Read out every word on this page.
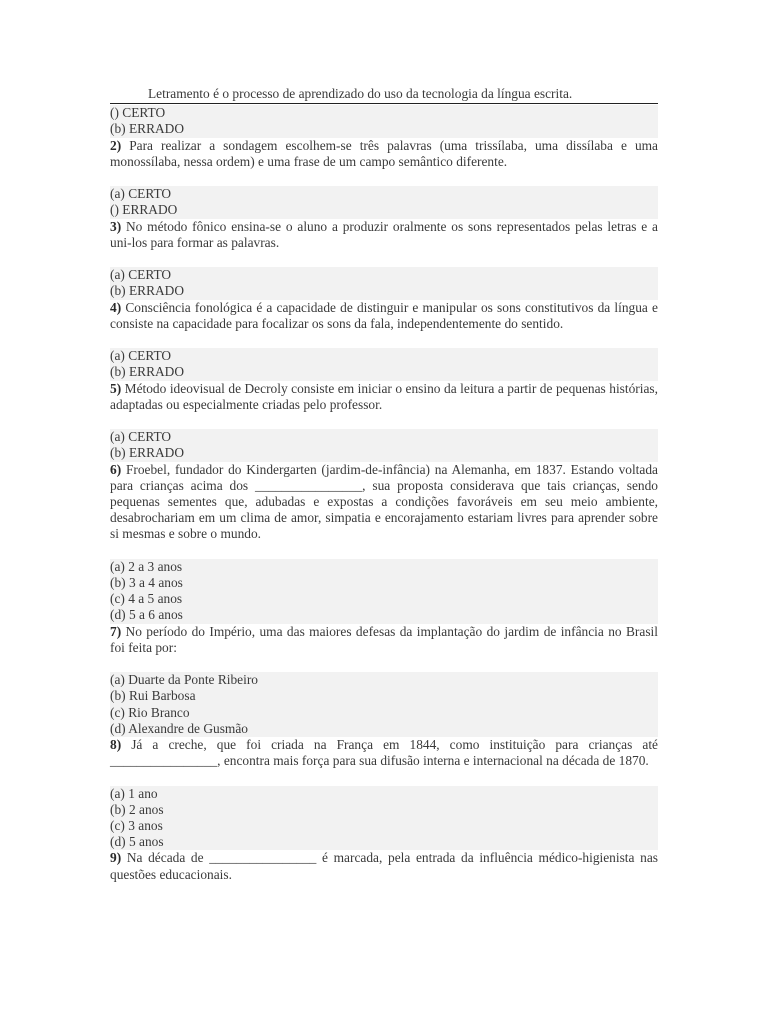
Letramento é o processo de aprendizado do uso da tecnologia da língua escrita.
() CERTO
(b) ERRADO
2) Para realizar a sondagem escolhem-se três palavras (uma trissílaba, uma dissílaba e uma monossílaba, nessa ordem) e uma frase de um campo semântico diferente.
(a) CERTO
() ERRADO
3) No método fônico ensina-se o aluno a produzir oralmente os sons representados pelas letras e a uni-los para formar as palavras.
(a) CERTO
(b) ERRADO
4) Consciência fonológica é a capacidade de distinguir e manipular os sons constitutivos da língua e consiste na capacidade para focalizar os sons da fala, independentemente do sentido.
(a) CERTO
(b) ERRADO
5) Método ideovisual de Decroly consiste em iniciar o ensino da leitura a partir de pequenas histórias, adaptadas ou especialmente criadas pelo professor.
(a) CERTO
(b) ERRADO
6) Froebel, fundador do Kindergarten (jardim-de-infância) na Alemanha, em 1837. Estando voltada para crianças acima dos ________________, sua proposta considerava que tais crianças, sendo pequenas sementes que, adubadas e expostas a condições favoráveis em seu meio ambiente, desabrochariam em um clima de amor, simpatia e encorajamento estariam livres para aprender sobre si mesmas e sobre o mundo.
(a) 2 a 3 anos
(b) 3 a 4 anos
(c) 4 a 5 anos
(d) 5 a 6 anos
7) No período do Império, uma das maiores defesas da implantação do jardim de infância no Brasil foi feita por:
(a) Duarte da Ponte Ribeiro
(b) Rui Barbosa
(c) Rio Branco
(d) Alexandre de Gusmão
8) Já a creche, que foi criada na França em 1844, como instituição para crianças até ________________, encontra mais força para sua difusão interna e internacional na década de 1870.
(a) 1 ano
(b) 2 anos
(c) 3 anos
(d) 5 anos
9) Na década de ________________ é marcada, pela entrada da influência médico-higienista nas questões educacionais.
